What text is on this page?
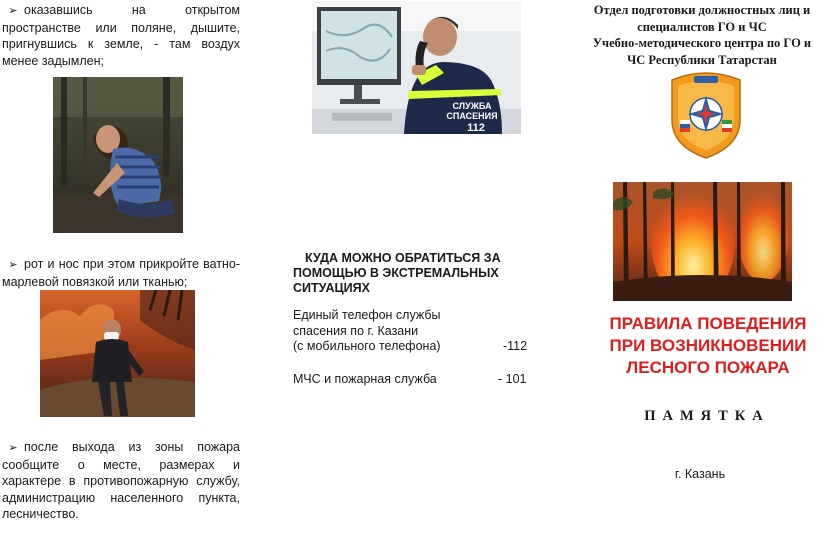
➢ оказавшись на открытом пространстве или поляне, дышите, пригнувшись к земле, - там воздух менее задымлен;
➢ рот и нос при этом прикройте ватно-марлевой повязкой или тканью;
➢ после выхода из зоны пожара сообщите о месте, размерах и характере в противопожарную службу, администрацию населенного пункта, лесничество.
СЛУЖБА
СПАСЕНИЯ
112
КУДА МОЖНО ОБРАТИТЬСЯ ЗА ПОМОЩЬЮ В ЭКСТРЕМАЛЬНЫХ СИТУАЦИЯХ
Единый телефон службы
спасения по г. Казани
(с мобильного телефона)	-112
МЧС и пожарная служба	- 101
Отдел подготовки должностных лиц и
специалистов ГО и ЧС
Учебно-методического центра по ГО и
ЧС Республики Татарстан
ПРАВИЛА ПОВЕДЕНИЯ
ПРИ ВОЗНИКНОВЕНИИ
ЛЕСНОГО ПОЖАРА
ПАМЯТКА
г. Казань
